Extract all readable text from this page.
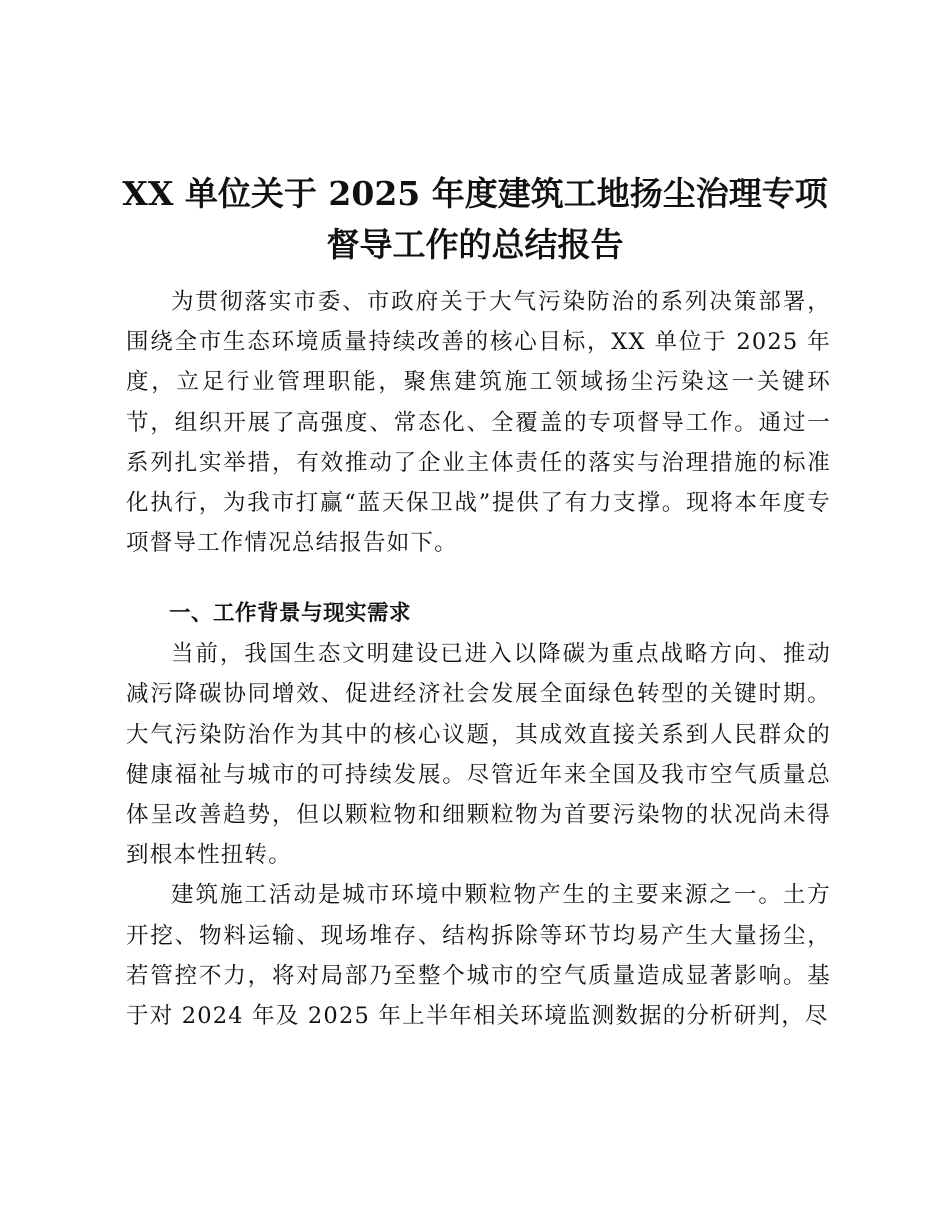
XX 单位关于 2025 年度建筑工地扬尘治理专项
督导工作的总结报告

为贯彻落实市委、市政府关于大气污染防治的系列决策部署，围绕全市生态环境质量持续改善的核心目标，XX 单位于 2025 年度，立足行业管理职能，聚焦建筑施工领域扬尘污染这一关键环节，组织开展了高强度、常态化、全覆盖的专项督导工作。通过一系列扎实举措，有效推动了企业主体责任的落实与治理措施的标准化执行，为我市打赢“蓝天保卫战”提供了有力支撑。现将本年度专项督导工作情况总结报告如下。

一、工作背景与现实需求

当前，我国生态文明建设已进入以降碳为重点战略方向、推动减污降碳协同增效、促进经济社会发展全面绿色转型的关键时期。大气污染防治作为其中的核心议题，其成效直接关系到人民群众的健康福祉与城市的可持续发展。尽管近年来全国及我市空气质量总体呈改善趋势，但以颗粒物和细颗粒物为首要污染物的状况尚未得到根本性扭转。

建筑施工活动是城市环境中颗粒物产生的主要来源之一。土方开挖、物料运输、现场堆存、结构拆除等环节均易产生大量扬尘，若管控不力，将对局部乃至整个城市的空气质量造成显著影响。基于对 2024 年及 2025 年上半年相关环境监测数据的分析研判，尽
